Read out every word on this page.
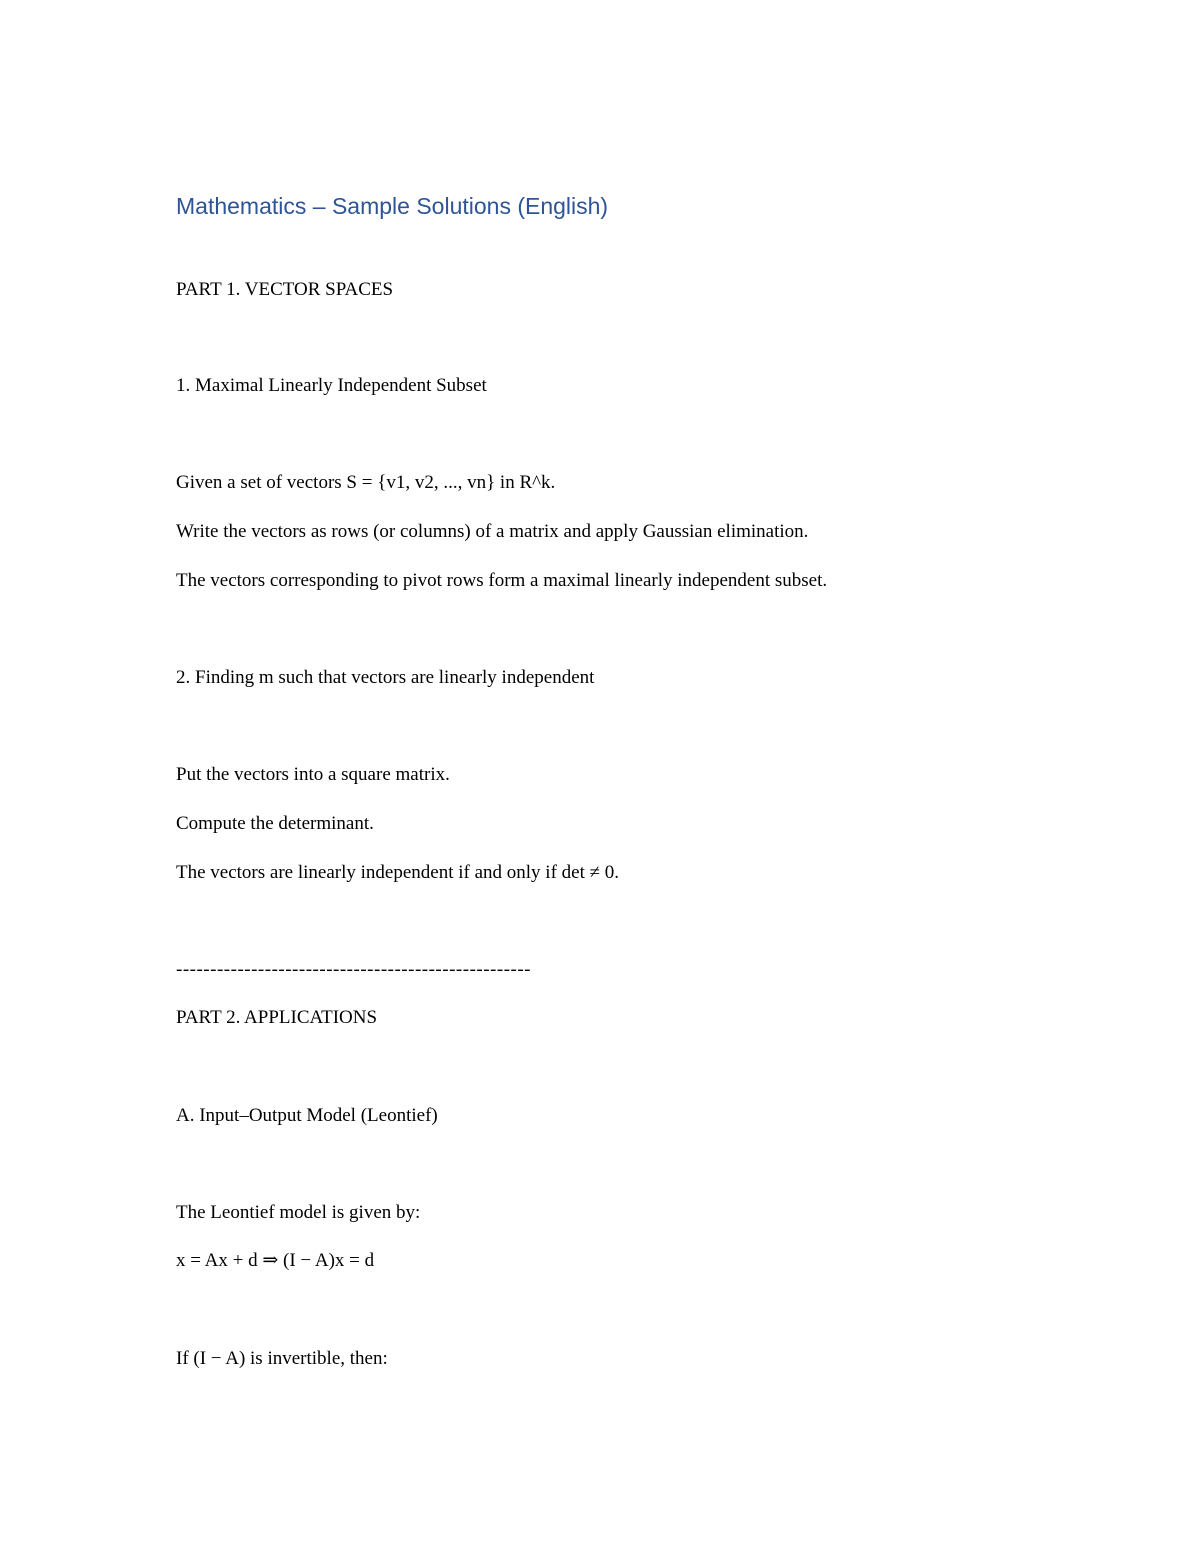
Mathematics – Sample Solutions (English)
PART 1. VECTOR SPACES
1. Maximal Linearly Independent Subset
Given a set of vectors S = {v1, v2, ..., vn} in R^k.
Write the vectors as rows (or columns) of a matrix and apply Gaussian elimination.
The vectors corresponding to pivot rows form a maximal linearly independent subset.
2. Finding m such that vectors are linearly independent
Put the vectors into a square matrix.
Compute the determinant.
The vectors are linearly independent if and only if det ≠ 0.
----------------------------------------------------
PART 2. APPLICATIONS
A. Input–Output Model (Leontief)
The Leontief model is given by:
x = Ax + d ⇒ (I − A)x = d
If (I − A) is invertible, then:
